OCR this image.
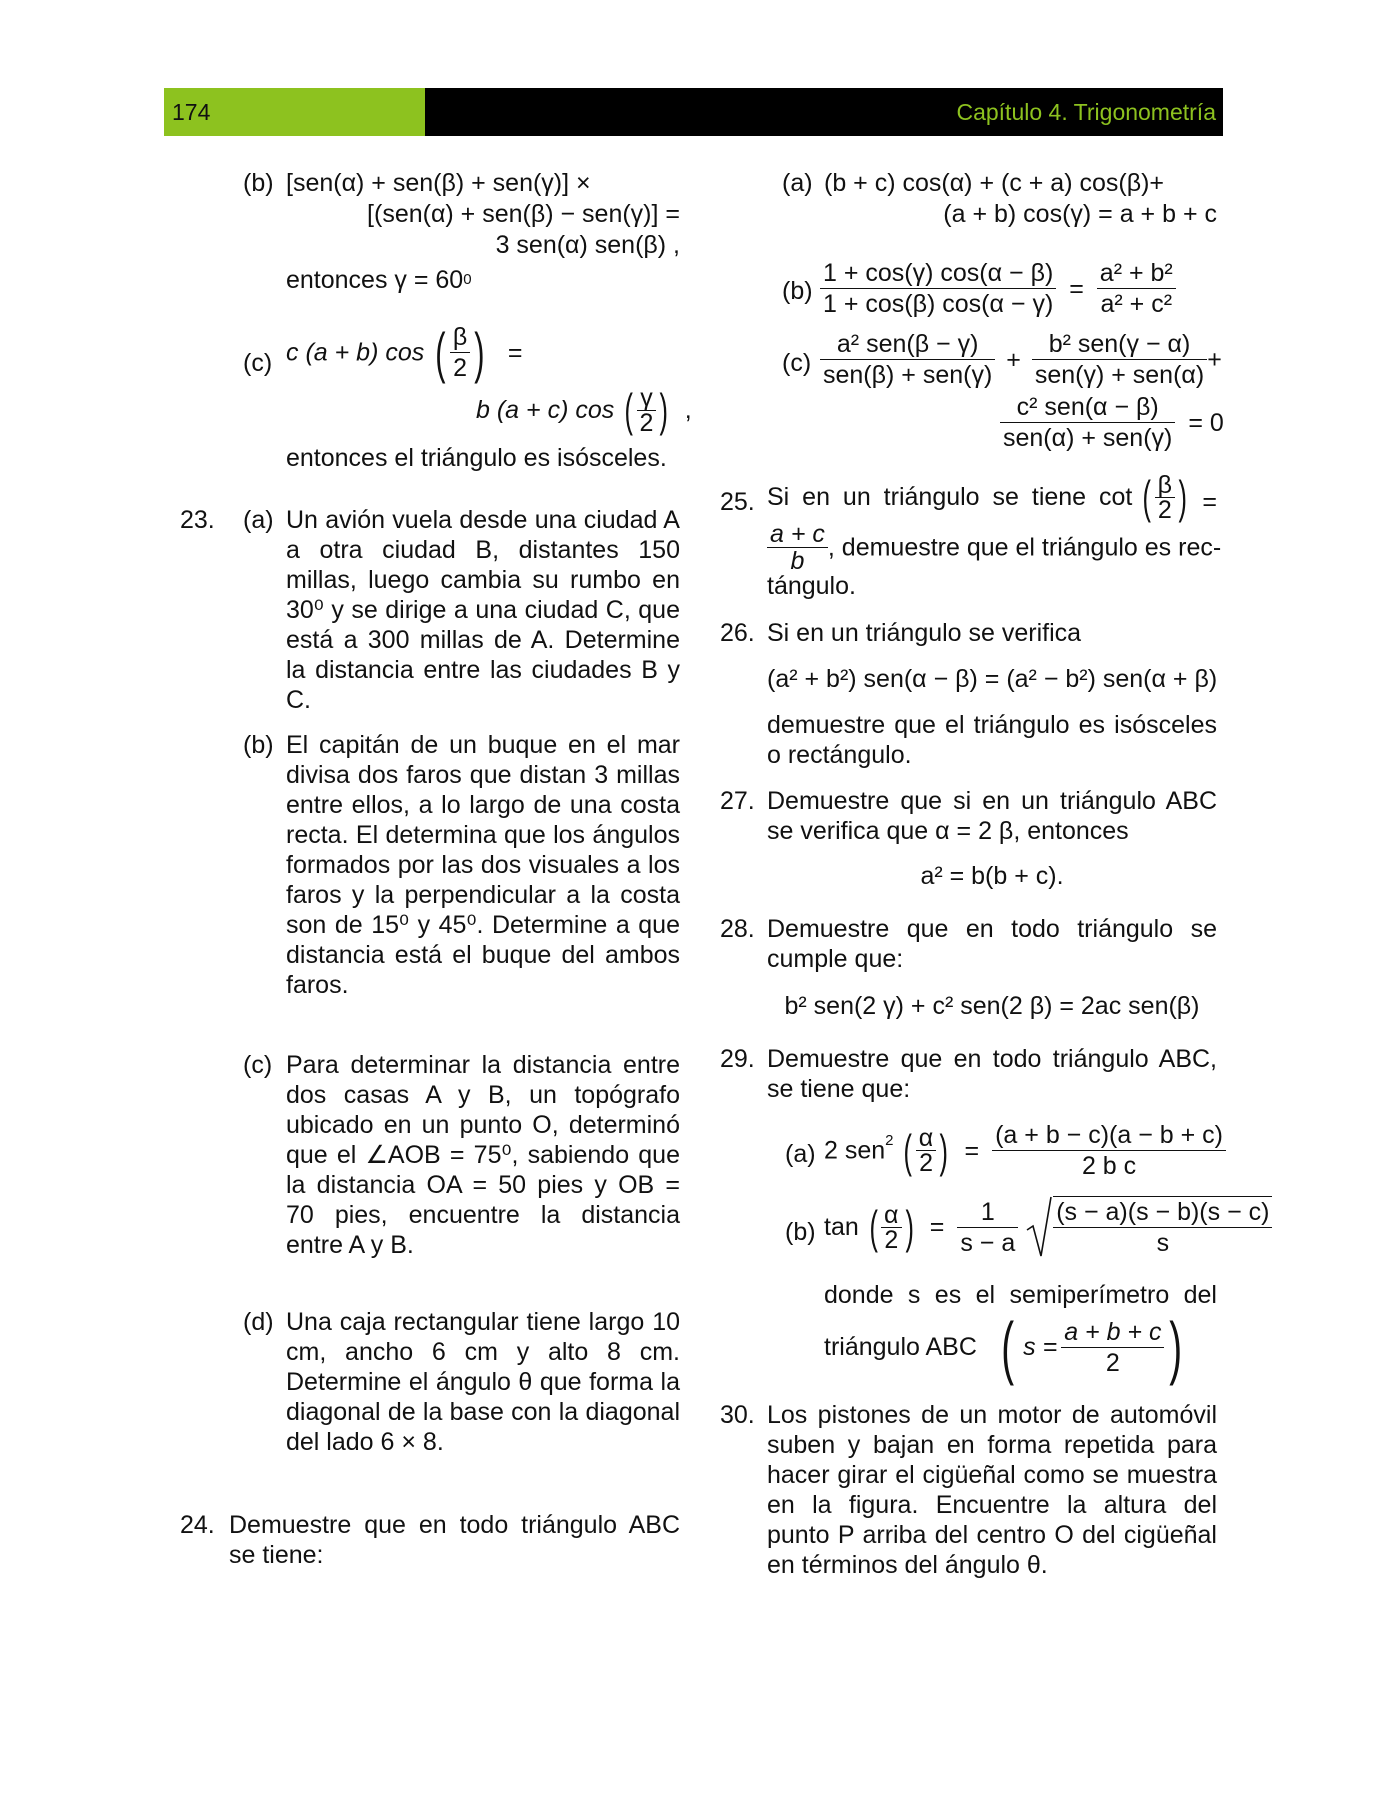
174	Capítulo 4. Trigonometría
(b) [sen(α) + sen(β) + sen(γ)] ×
[(sen(α) + sen(β) − sen(γ)] =
3 sen(α) sen(β) ,
entonces $\gamma = 60^0$
(c) c (a + b) cos ( $\frac{\beta}{2}$ ) =
b (a + c) cos ( $\frac{\gamma}{2}$ ) ,
entonces el triángulo es isósceles.
23. (a) Un avión vuela desde una ciudad A a otra ciudad B, distantes 150 millas, luego cambia su rumbo en 30⁰ y se dirige a una ciudad C, que está a 300 millas de A. Determine la distancia entre las ciudades B y C.
(b) El capitán de un buque en el mar divisa dos faros que distan 3 millas entre ellos, a lo largo de una costa recta. El determina que los ángulos formados por las dos visuales a los faros y la perpendicular a la costa son de 15⁰ y 45⁰. Determine a que distancia está el buque del ambos faros.
(c) Para determinar la distancia entre dos casas A y B, un topógrafo ubicado en un punto O, determinó que el ∠AOB = 75⁰, sabiendo que la distancia OA = 50 pies y OB = 70 pies, encuentre la distancia entre A y B.
(d) Una caja rectangular tiene largo 10 cm, ancho 6 cm y alto 8 cm. Determine el ángulo θ que forma la diagonal de la base con la diagonal del lado 6 × 8.
24. Demuestre que en todo triángulo ABC se tiene:
(a) (b + c) cos(α) + (c + a) cos(β)+
(a + b) cos(γ) = a + b + c
$(b) \frac{1 + \cos(\gamma) \cos(\alpha - \beta)}{1 + \cos(\beta) \cos(\alpha - \gamma)} = \frac{\text{a² + b²}}{\text{a² + c²}}$
(c)
a² sen(β − γ)
sen(β) + sen(γ)
+
b² sen(γ − α)
sen(γ) + sen(α)
+
c² sen(α − β)
sen(α) + sen(γ)
= 0
25. Si en un triángulo se tiene cot ( $\frac{\beta}{2}$ ) =
$\frac{a + c}{b}$ , demuestre que el triángulo es rec-
tángulo.
26. Si en un triángulo se verifica
(a² + b²) sen(α − β) = (a² − b²) sen(α + β)
demuestre que el triángulo es isósceles o rectángulo.
27. Demuestre que si en un triángulo ABC se verifica que α = 2 β, entonces
a² = b(b + c).
28. Demuestre que en todo triángulo se cumple que:
b² sen(2 γ) + c² sen(2 β) = 2ac sen(β)
29. Demuestre que en todo triángulo ABC, se tiene que:
(a) 2 sen$^2$ ( $\frac{\alpha}{2}$ ) = $\frac{(a + b - c)(a - b + c)}{\text{2 b c}}$
(b) tan ( $\frac{\alpha}{2}$ ) = $\frac{1}{s - a}$
$\frac{(s - a)(s - b)(s - c)}{s}$
donde s es el semiperímetro del
triángulo ABC ( $s = \frac{a + b + c}{2}$ )
30. Los pistones de un motor de automóvil suben y bajan en forma repetida para hacer girar el cigüeñal como se muestra en la figura. Encuentre la altura del punto P arriba del centro O del cigüeñal en términos del ángulo θ.
